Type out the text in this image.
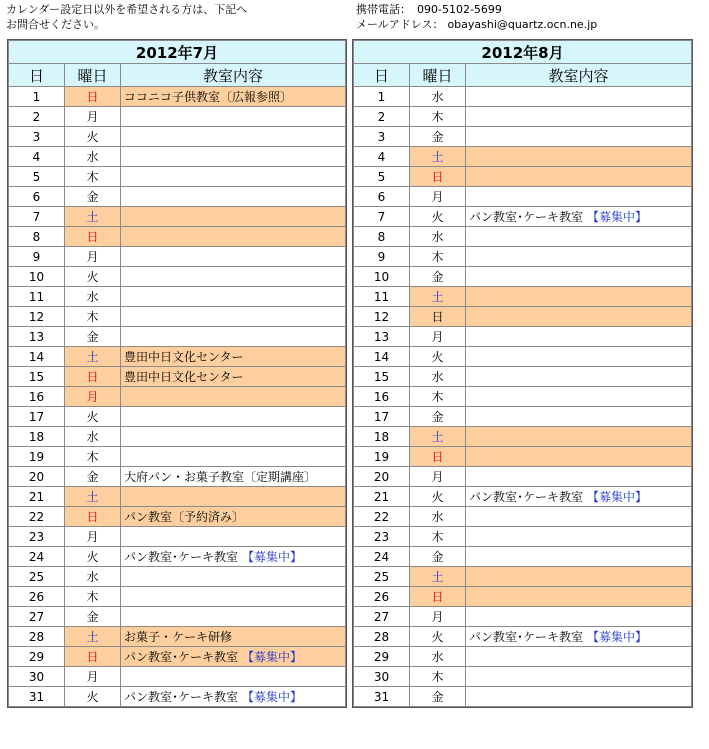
カレンダー設定日以外を希望される方は、下記へ
お問合せください。
携帯電話： 090-5102-5699
メールアドレス： obayashi@quartz.ocn.ne.jp
2012年7月		
日	曜日	教室内容
1	日	ココニコ子供教室〔広報参照〕
2	月	
3	火	
4	水	
5	木	
6	金	
7	土	
8	日	
9	月	
10	火	
11	水	
12	木	
13	金	
14	土	豊田中日文化センター
15	日	豊田中日文化センター
16	月	
17	火	
18	水	
19	木	
20	金	大府パン・お菓子教室〔定期講座〕
21	土	
22	日	パン教室〔予約済み〕
23	月	
24	火	パン教室･ケーキ教室 【募集中】
25	水	
26	木	
27	金	
28	土	お菓子・ケーキ研修
29	日	パン教室･ケーキ教室 【募集中】
30	月	
31	火	パン教室･ケーキ教室 【募集中】
2012年8月		
日	曜日	教室内容
1	水	
2	木	
3	金	
4	土	
5	日	
6	月	
7	火	パン教室･ケーキ教室 【募集中】
8	水	
9	木	
10	金	
11	土	
12	日	
13	月	
14	火	
15	水	
16	木	
17	金	
18	土	
19	日	
20	月	
21	火	パン教室･ケーキ教室 【募集中】
22	水	
23	木	
24	金	
25	土	
26	日	
27	月	
28	火	パン教室･ケーキ教室 【募集中】
29	水	
30	木	
31	金	
